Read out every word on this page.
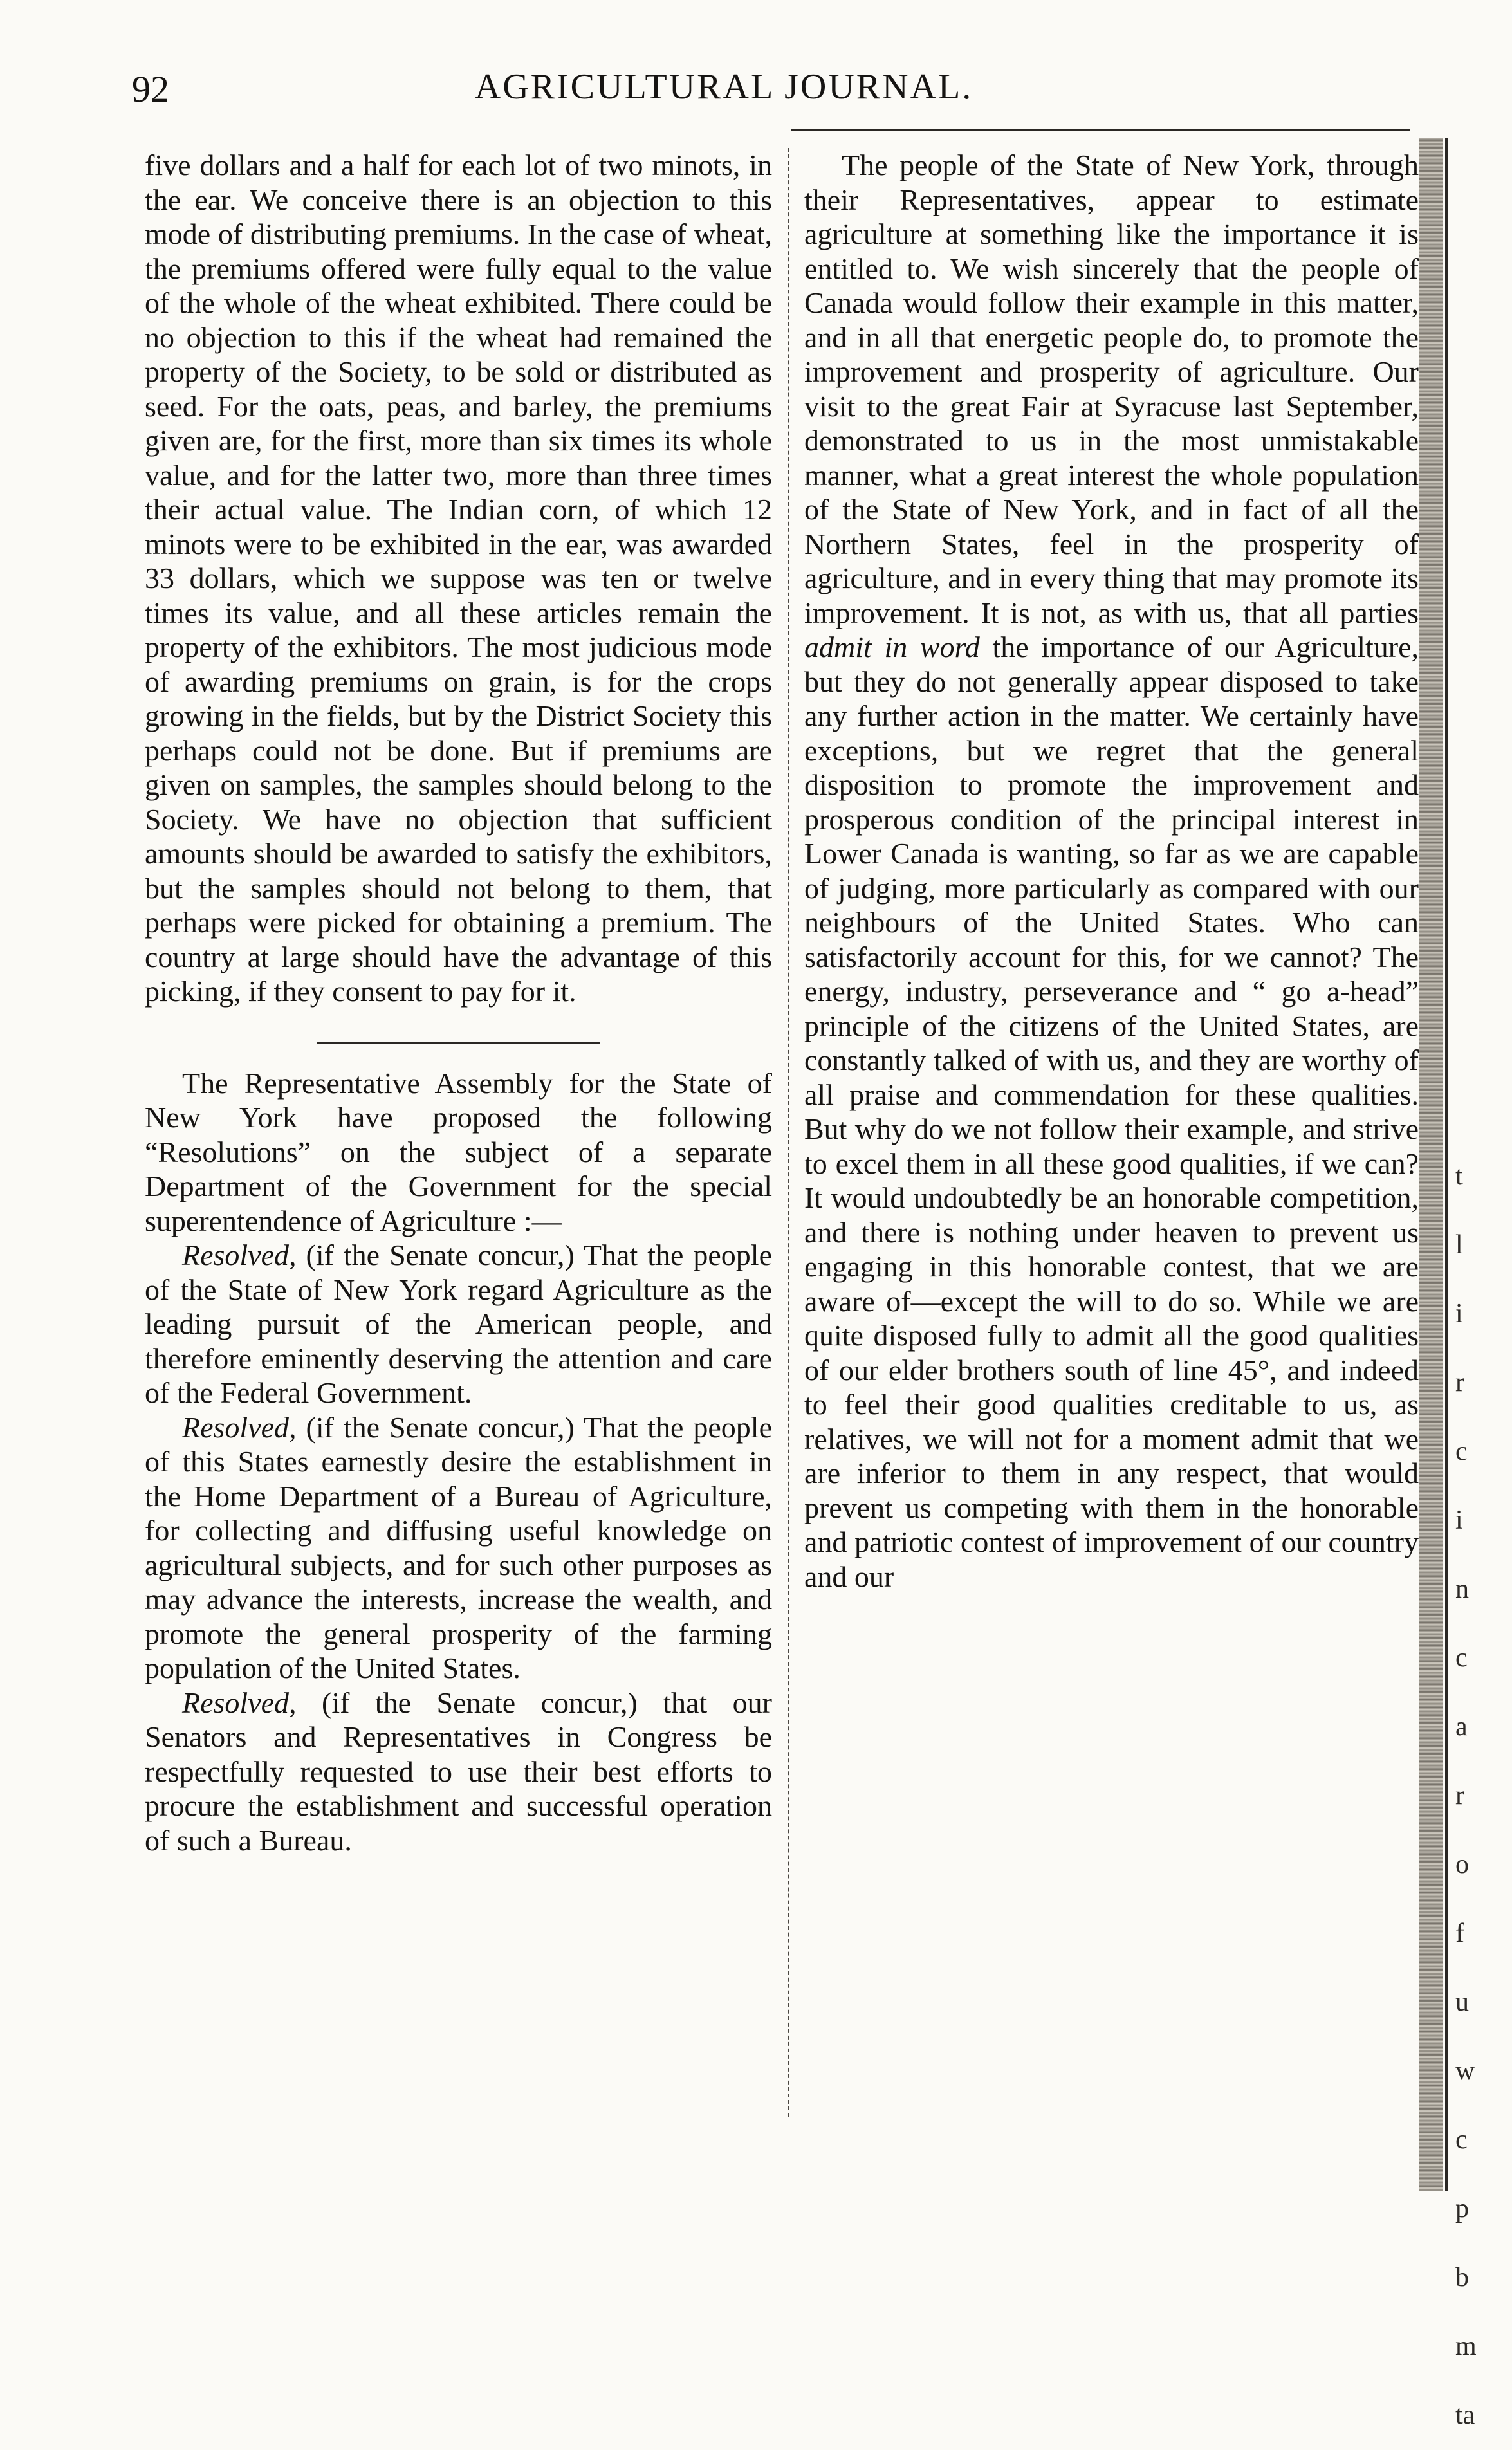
92	AGRICULTURAL JOURNAL.

five dollars and a half for each lot of two minots, in the ear. We conceive there is an objection to this mode of distributing premiums. In the case of wheat, the premiums offered were fully equal to the value of the whole of the wheat exhibited. There could be no objection to this if the wheat had remained the property of the Society, to be sold or distributed as seed. For the oats, peas, and barley, the premiums given are, for the first, more than six times its whole value, and for the latter two, more than three times their actual value. The Indian corn, of which 12 minots were to be exhibited in the ear, was awarded 33 dollars, which we suppose was ten or twelve times its value, and all these articles remain the property of the exhibitors. The most judicious mode of awarding premiums on grain, is for the crops growing in the fields, but by the District Society this perhaps could not be done. But if premiums are given on samples, the samples should belong to the Society. We have no objection that sufficient amounts should be awarded to satisfy the exhibitors, but the samples should not belong to them, that perhaps were picked for obtaining a premium. The country at large should have the advantage of this picking, if they consent to pay for it.

The Representative Assembly for the State of New York have proposed the following “Resolutions” on the subject of a separate Department of the Government for the special superentendence of Agriculture :—

Resolved, (if the Senate concur,) That the people of the State of New York regard Agriculture as the leading pursuit of the American people, and therefore eminently deserving the attention and care of the Federal Government.

Resolved, (if the Senate concur,) That the people of this States earnestly desire the establishment in the Home Department of a Bureau of Agriculture, for collecting and diffusing useful knowledge on agricultural subjects, and for such other purposes as may advance the interests, increase the wealth, and promote the general prosperity of the farming population of the United States.

Resolved, (if the Senate concur,) that our Senators and Representatives in Congress be respectfully requested to use their best efforts to procure the establishment and successful operation of such a Bureau.

The people of the State of New York, through their Representatives, appear to estimate agriculture at something like the importance it is entitled to. We wish sincerely that the people of Canada would follow their example in this matter, and in all that energetic people do, to promote the improvement and prosperity of agriculture. Our visit to the great Fair at Syracuse last September, demonstrated to us in the most unmistakable manner, what a great interest the whole population of the State of New York, and in fact of all the Northern States, feel in the prosperity of agriculture, and in every thing that may promote its improvement. It is not, as with us, that all parties admit in word the importance of our Agriculture, but they do not generally appear disposed to take any further action in the matter. We certainly have exceptions, but we regret that the general disposition to promote the improvement and prosperous condition of the principal interest in Lower Canada is wanting, so far as we are capable of judging, more particularly as compared with our neighbours of the United States. Who can satisfactorily account for this, for we cannot? The energy, industry, perseverance and “ go a-head” principle of the citizens of the United States, are constantly talked of with us, and they are worthy of all praise and commendation for these qualities. But why do we not follow their example, and strive to excel them in all these good qualities, if we can? It would undoubtedly be an honorable competition, and there is nothing under heaven to prevent us engaging in this honorable contest, that we are aware of—except the will to do so. While we are quite disposed fully to admit all the good qualities of our elder brothers south of line 45°, and indeed to feel their good qualities creditable to us, as relatives, we will not for a moment admit that we are inferior to them in any respect, that would prevent us competing with them in the honorable and patriotic contest of improvement of our country and our

t
l
i
r
c
i
n
c
a
r
o
f
u
w
c
p
b
m
ta
